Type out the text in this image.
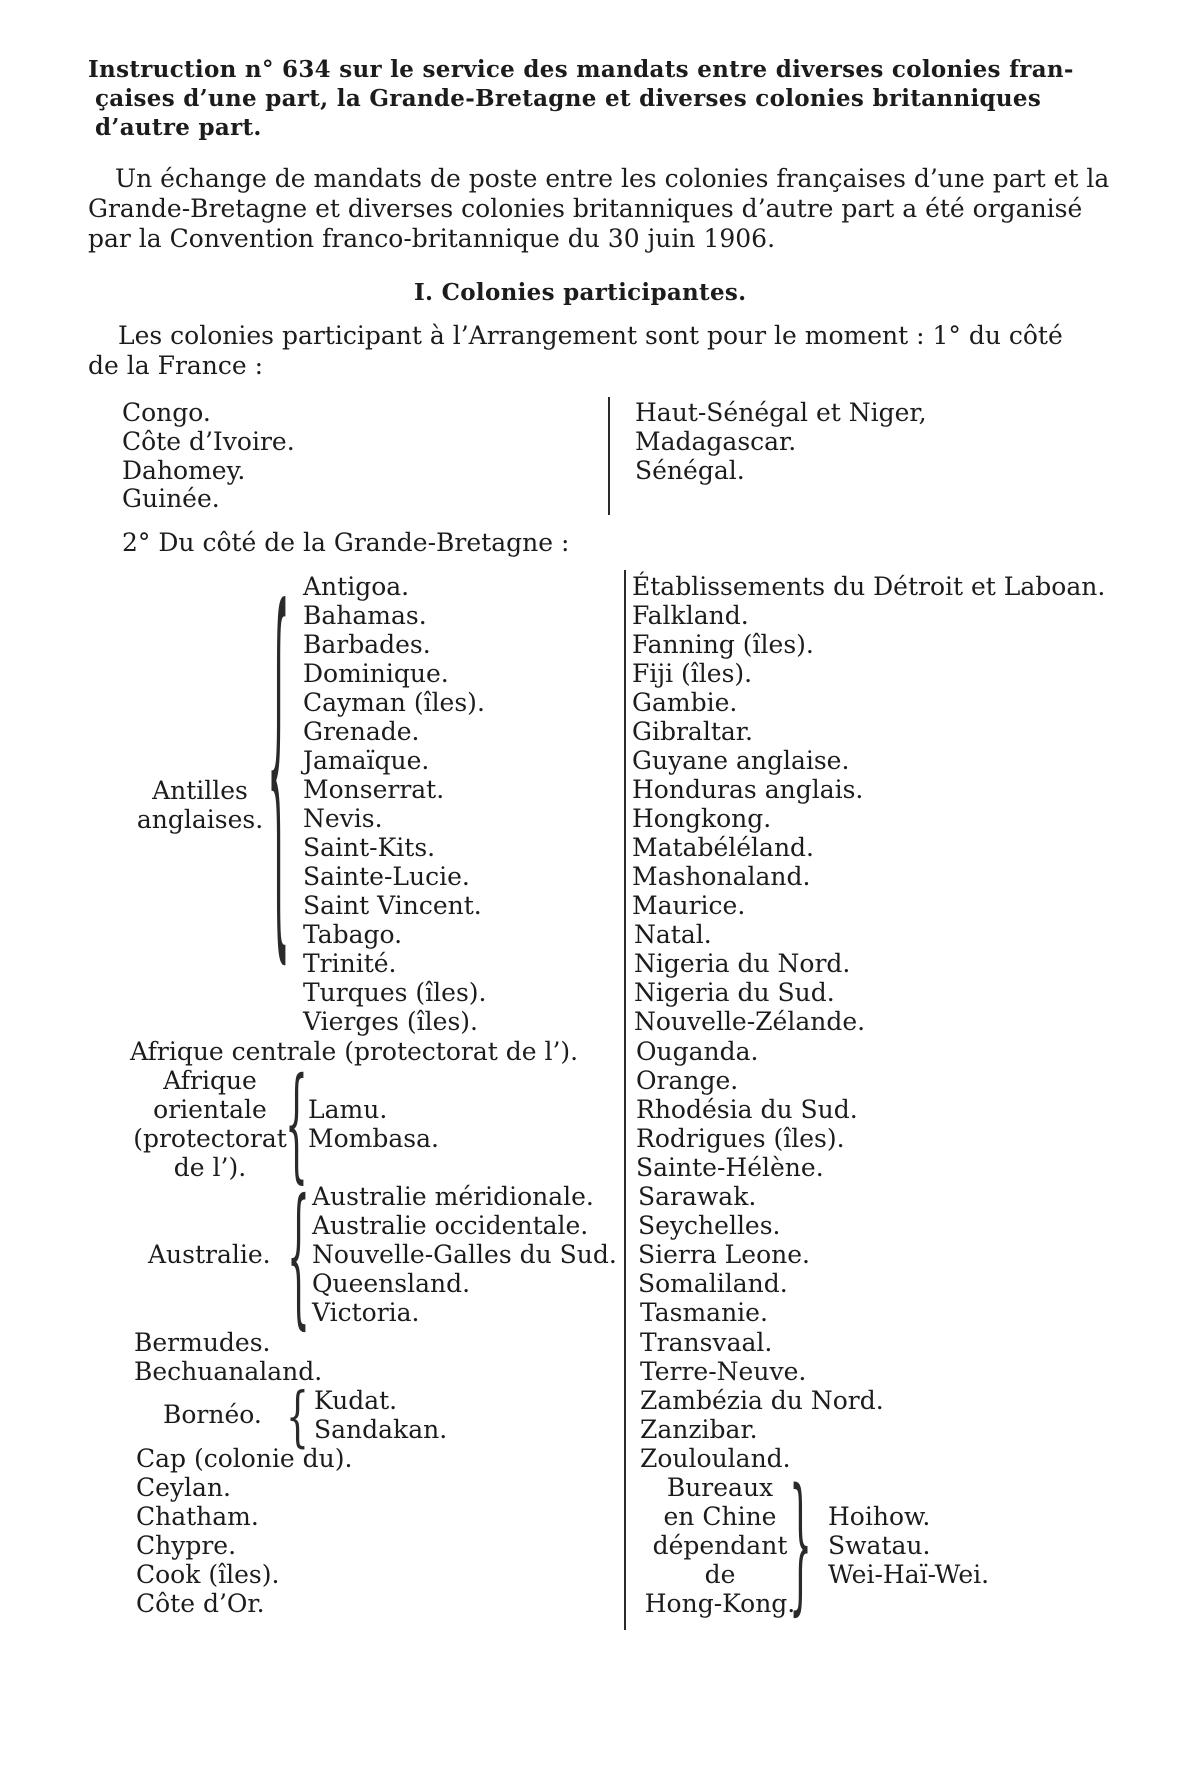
Instruction n° 634 sur le service des mandats entre diverses colonies fran-
çaises d’une part, la Grande-Bretagne et diverses colonies britanniques
d’autre part.
Un échange de mandats de poste entre les colonies françaises d’une part et la
Grande-Bretagne et diverses colonies britanniques d’autre part a été organisé
par la Convention franco-britannique du 30 juin 1906.
I. Colonies participantes.
Les colonies participant à l’Arrangement sont pour le moment : 1° du côté
de la France :
Congo.
Côte d’Ivoire.
Dahomey.
Guinée.
Haut-Sénégal et Niger,
Madagascar.
Sénégal.
2° Du côté de la Grande-Bretagne :
Antilles
anglaises. { Antigoa.
Bahamas.
Barbades.
Dominique.
Cayman (îles).
Grenade.
Jamaïque.
Monserrat.
Nevis.
Saint-Kits.
Sainte-Lucie.
Saint Vincent.
Tabago.
Trinité.
Turques (îles).
Vierges (îles).
Afrique centrale (protectorat de l’).
Afrique
orientale
(protectorat
de l’). { Lamu.
Mombasa.
Australie. { Australie méridionale.
Australie occidentale.
Nouvelle-Galles du Sud.
Queensland.
Victoria.
Bermudes.
Bechuanaland.
Bornéo. { Kudat.
Sandakan.
Cap (colonie du).
Ceylan.
Chatham.
Chypre.
Cook (îles).
Côte d’Or.
Établissements du Détroit et Laboan.
Falkland.
Fanning (îles).
Fiji (îles).
Gambie.
Gibraltar.
Guyane anglaise.
Honduras anglais.
Hongkong.
Matabéléland.
Mashonaland.
Maurice.
Natal.
Nigeria du Nord.
Nigeria du Sud.
Nouvelle-Zélande.
Ouganda.
Orange.
Rhodésia du Sud.
Rodrigues (îles).
Sainte-Hélène.
Sarawak.
Seychelles.
Sierra Leone.
Somaliland.
Tasmanie.
Transvaal.
Terre-Neuve.
Zambézia du Nord.
Zanzibar.
Zoulouland.
Bureaux
en Chine
dépendant
de
Hong-Kong.
{ Hoihow.
Swatau.
Wei-Haï-Wei.
